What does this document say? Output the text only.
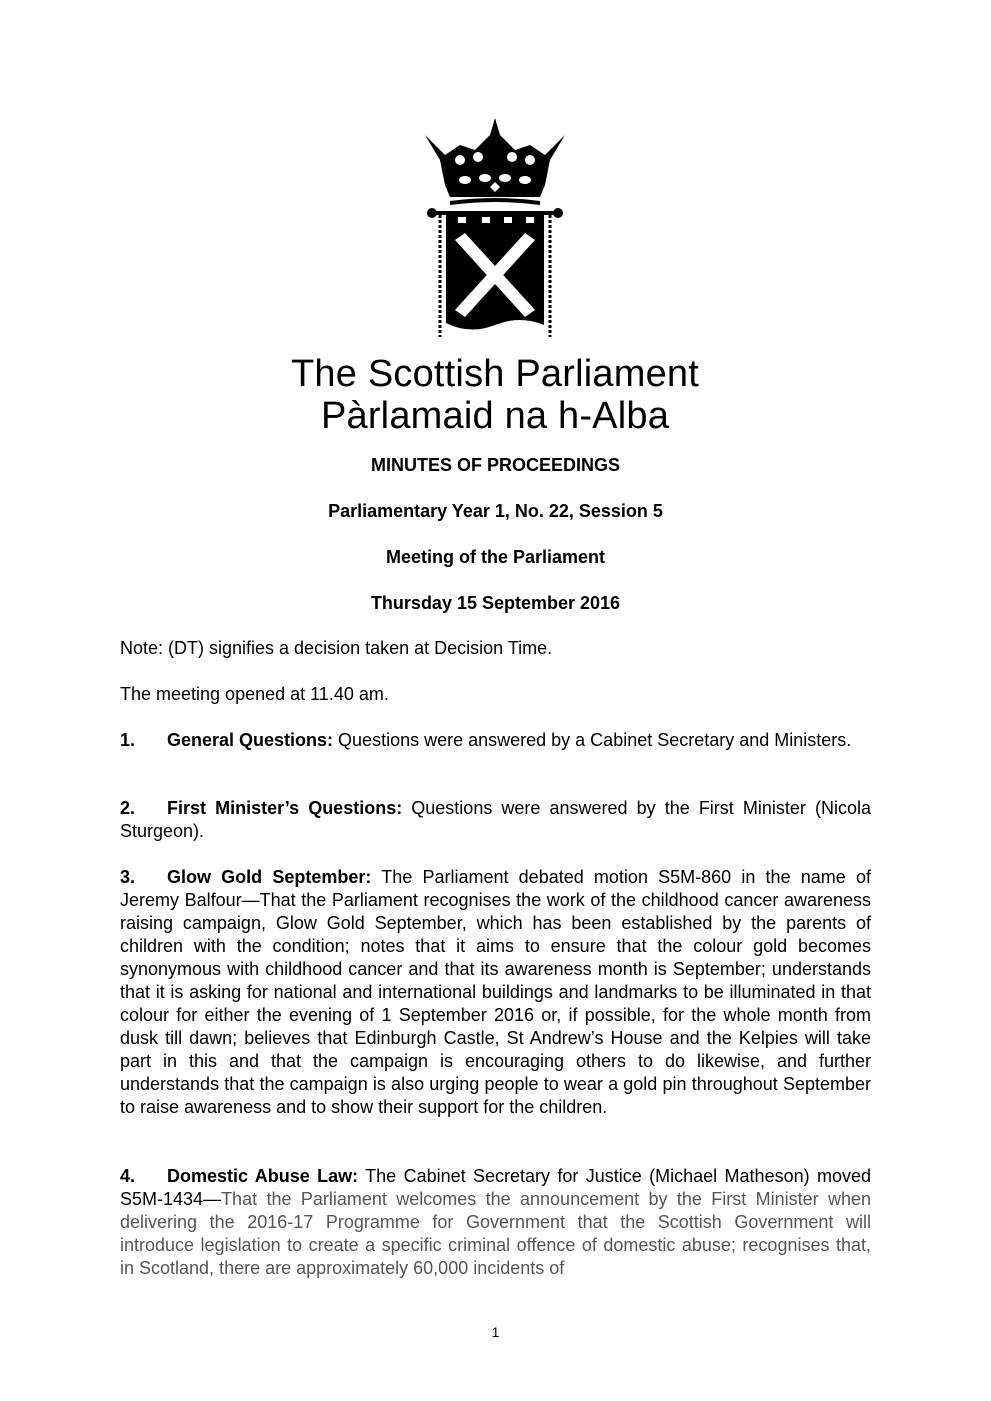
The Scottish Parliament
Pàrlamaid na h-Alba
MINUTES OF PROCEEDINGS
Parliamentary Year 1, No. 22, Session 5
Meeting of the Parliament
Thursday 15 September 2016
Note: (DT) signifies a decision taken at Decision Time.
The meeting opened at 11.40 am.
1. General Questions: Questions were answered by a Cabinet Secretary and Ministers.
2. First Minister’s Questions: Questions were answered by the First Minister (Nicola Sturgeon).
3. Glow Gold September: The Parliament debated motion S5M-860 in the name of Jeremy Balfour—That the Parliament recognises the work of the childhood cancer awareness raising campaign, Glow Gold September, which has been established by the parents of children with the condition; notes that it aims to ensure that the colour gold becomes synonymous with childhood cancer and that its awareness month is September; understands that it is asking for national and international buildings and landmarks to be illuminated in that colour for either the evening of 1 September 2016 or, if possible, for the whole month from dusk till dawn; believes that Edinburgh Castle, St Andrew’s House and the Kelpies will take part in this and that the campaign is encouraging others to do likewise, and further understands that the campaign is also urging people to wear a gold pin throughout September to raise awareness and to show their support for the children.
4. Domestic Abuse Law: The Cabinet Secretary for Justice (Michael Matheson) moved S5M-1434—That the Parliament welcomes the announcement by the First Minister when delivering the 2016-17 Programme for Government that the Scottish Government will introduce legislation to create a specific criminal offence of domestic abuse; recognises that, in Scotland, there are approximately 60,000 incidents of
1
